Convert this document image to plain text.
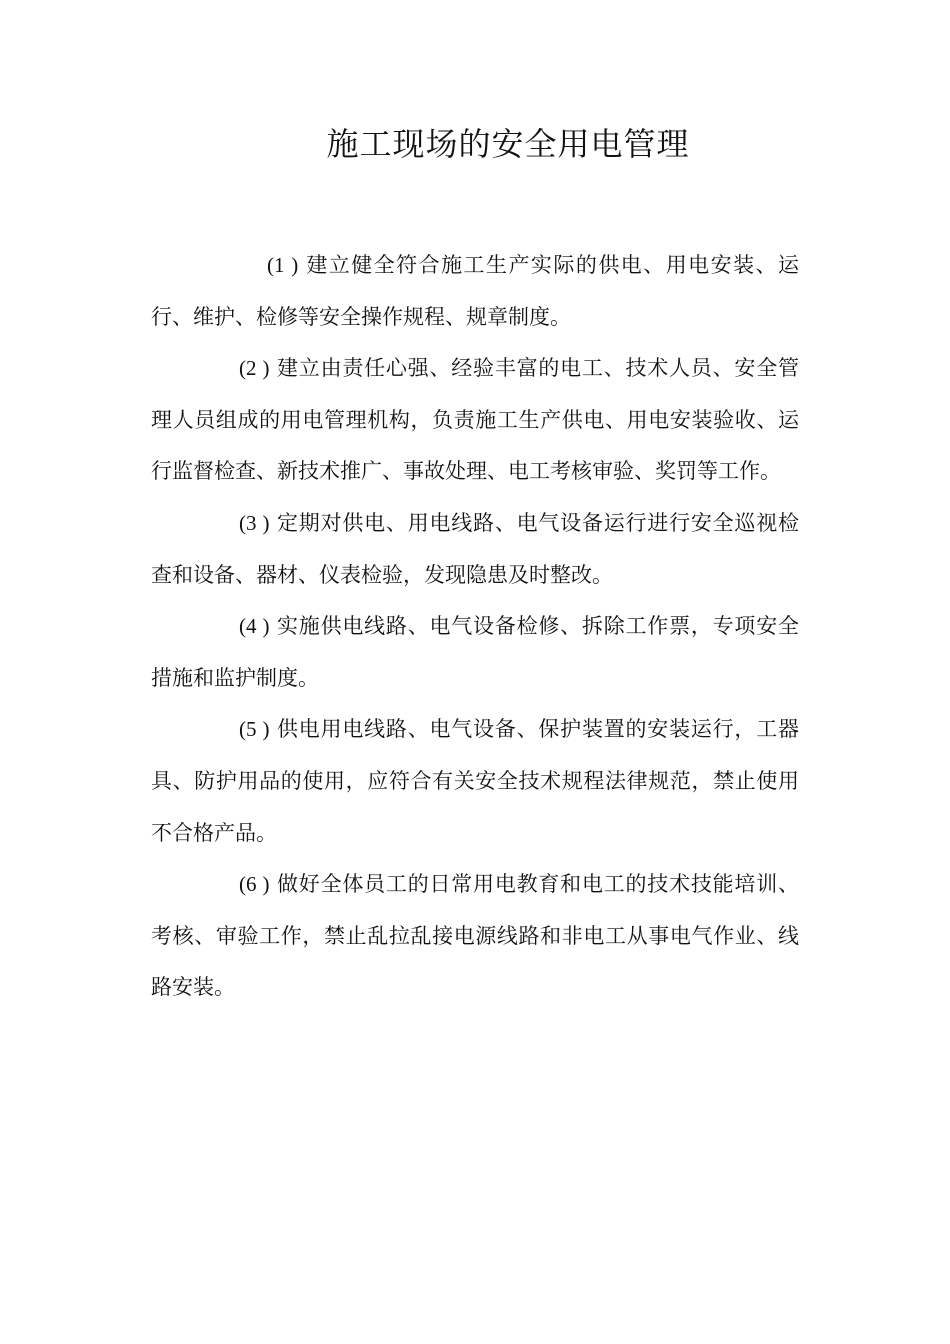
施工现场的安全用电管理

(1 ) 建立健全符合施工生产实际的供电、用电安装、运行、维护、检修等安全操作规程、规章制度。

(2 ) 建立由责任心强、经验丰富的电工、技术人员、安全管理人员组成的用电管理机构，负责施工生产供电、用电安装验收、运行监督检查、新技术推广、事故处理、电工考核审验、奖罚等工作。

(3 ) 定期对供电、用电线路、电气设备运行进行安全巡视检查和设备、器材、仪表检验，发现隐患及时整改。

(4 ) 实施供电线路、电气设备检修、拆除工作票，专项安全措施和监护制度。

(5 ) 供电用电线路、电气设备、保护装置的安装运行，工器具、防护用品的使用，应符合有关安全技术规程法律规范，禁止使用不合格产品。

(6 ) 做好全体员工的日常用电教育和电工的技术技能培训、考核、审验工作，禁止乱拉乱接电源线路和非电工从事电气作业、线路安装。
